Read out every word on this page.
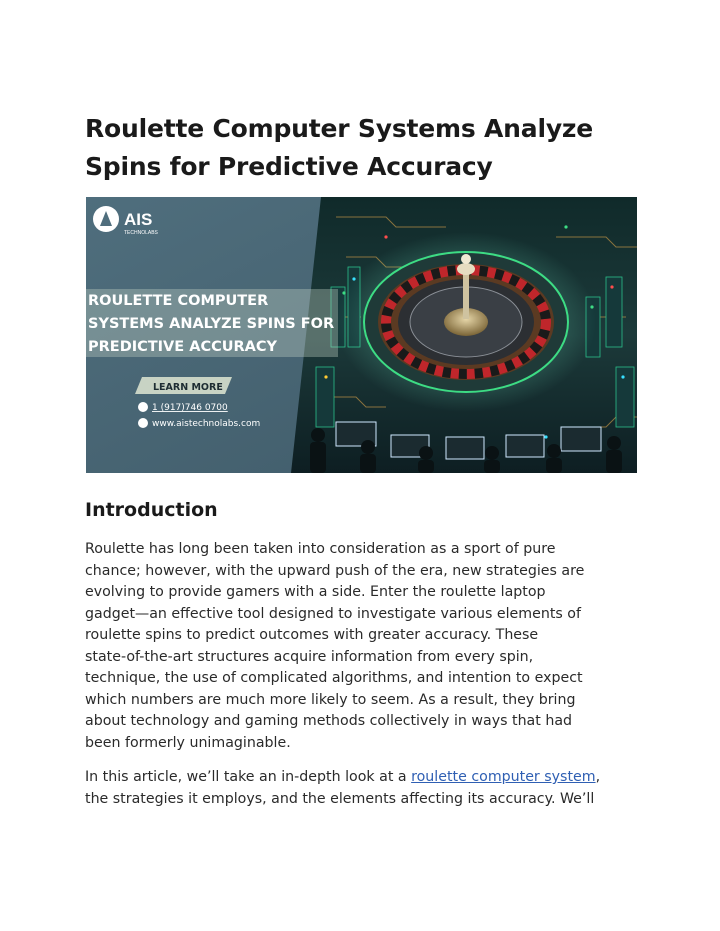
Roulette Computer Systems Analyze
Spins for Predictive Accuracy
AIS
TECHNOLABS
ROULETTE COMPUTER
SYSTEMS ANALYZE SPINS FOR
PREDICTIVE ACCURACY
LEARN MORE
1 (917)746 0700
www.aistechnolabs.com
Introduction

Roulette has long been taken into consideration as a sport of pure
chance; however, with the upward push of the era, new strategies are
evolving to provide gamers with a side. Enter the roulette laptop
gadget—an effective tool designed to investigate various elements of
roulette spins to predict outcomes with greater accuracy. These
state-of-the-art structures acquire information from every spin,
technique, the use of complicated algorithms, and intention to expect
which numbers are much more likely to seem. As a result, they bring
about technology and gaming methods collectively in ways that had
been formerly unimaginable.

In this article, we’ll take an in-depth look at a roulette computer system,
the strategies it employs, and the elements affecting its accuracy. We’ll
